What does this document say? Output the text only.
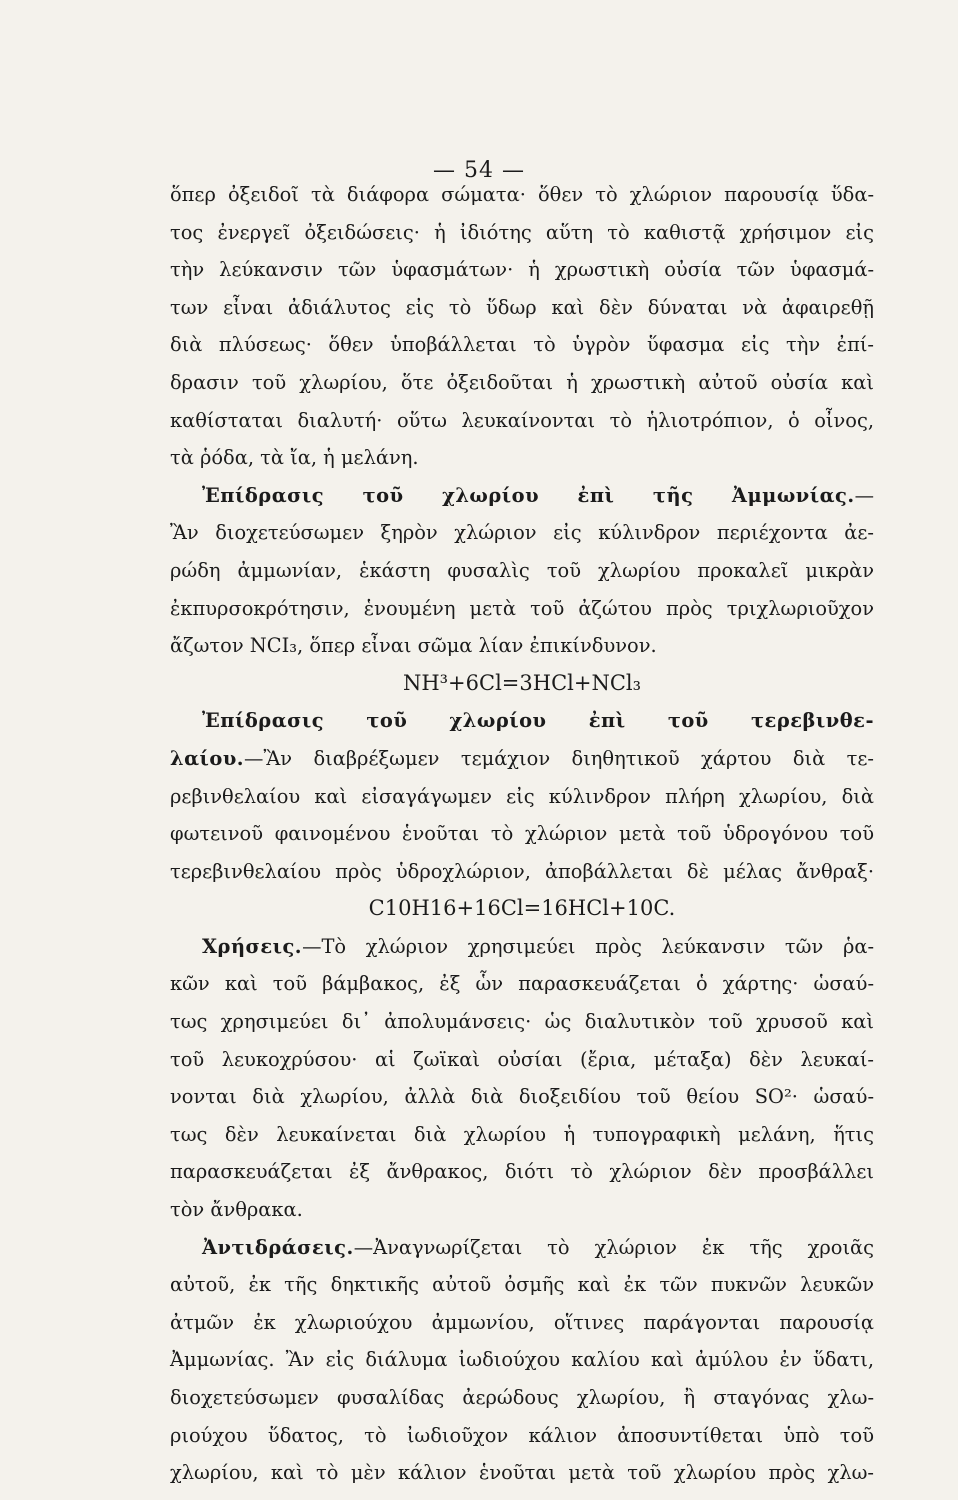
— 54 —
ὅπερ ὀξειδοῖ τὰ διάφορα σώματα· ὅθεν τὸ χλώριον παρουσίᾳ ὕδα-
τος ἐνεργεῖ ὀξειδώσεις· ἡ ἰδιότης αὕτη τὸ καθιστᾷ χρήσιμον εἰς
τὴν λεύκανσιν τῶν ὑφασμάτων· ἡ χρωστικὴ οὐσία τῶν ὑφασμά-
των εἶναι ἀδιάλυτος εἰς τὸ ὕδωρ καὶ δὲν δύναται νὰ ἀφαιρεθῇ
διὰ πλύσεως· ὅθεν ὑποβάλλεται τὸ ὑγρὸν ὕφασμα εἰς τὴν ἐπί-
δρασιν τοῦ χλωρίου, ὅτε ὀξειδοῦται ἡ χρωστικὴ αὐτοῦ οὐσία καὶ
καθίσταται διαλυτή· οὕτω λευκαίνονται τὸ ἡλιοτρόπιον, ὁ οἶνος,
τὰ ῥόδα, τὰ ἴα, ἡ μελάνη.
Ἐπίδρασις τοῦ χλωρίου ἐπὶ τῆς Ἀμμωνίας.—
Ἂν διοχετεύσωμεν ξηρὸν χλώριον εἰς κύλινδρον περιέχοντα ἀε-
ρώδη ἀμμωνίαν, ἑκάστη φυσαλὶς τοῦ χλωρίου προκαλεῖ μικρὰν
ἐκπυρσοκρότησιν, ἑνουμένη μετὰ τοῦ ἀζώτου πρὸς τριχλωριοῦχον
ἄζωτον NCI₃, ὅπερ εἶναι σῶμα λίαν ἐπικίνδυνον.
NH³+6Cl=3HCl+NCl₃
Ἐπίδρασις τοῦ χλωρίου ἐπὶ τοῦ τερεβινθε-
λαίου.—Ἂν διαβρέξωμεν τεμάχιον διηθητικοῦ χάρτου διὰ τε-
ρεβινθελαίου καὶ εἰσαγάγωμεν εἰς κύλινδρον πλήρη χλωρίου, διὰ
φωτεινοῦ φαινομένου ἑνοῦται τὸ χλώριον μετὰ τοῦ ὑδρογόνου τοῦ
τερεβινθελαίου πρὸς ὑδροχλώριον, ἀποβάλλεται δὲ μέλας ἄνθραξ·
C10H16+16Cl=16HCl+10C.
Χρήσεις.—Τὸ χλώριον χρησιμεύει πρὸς λεύκανσιν τῶν ῥα-
κῶν καὶ τοῦ βάμβακος, ἐξ ὧν παρασκευάζεται ὁ χάρτης· ὡσαύ-
τως χρησιμεύει δι᾽ ἀπολυμάνσεις· ὡς διαλυτικὸν τοῦ χρυσοῦ καὶ
τοῦ λευκοχρύσου· αἱ ζωϊκαὶ οὐσίαι (ἔρια, μέταξα) δὲν λευκαί-
νονται διὰ χλωρίου, ἀλλὰ διὰ διοξειδίου τοῦ θείου SO²· ὡσαύ-
τως δὲν λευκαίνεται διὰ χλωρίου ἡ τυπογραφικὴ μελάνη, ἥτις
παρασκευάζεται ἐξ ἄνθρακος, διότι τὸ χλώριον δὲν προσβάλλει
τὸν ἄνθρακα.
Ἀντιδράσεις.—Ἀναγνωρίζεται τὸ χλώριον ἐκ τῆς χροιᾶς
αὐτοῦ, ἐκ τῆς δηκτικῆς αὐτοῦ ὀσμῆς καὶ ἐκ τῶν πυκνῶν λευκῶν
ἀτμῶν ἐκ χλωριούχου ἀμμωνίου, οἵτινες παράγονται παρουσίᾳ
Ἀμμωνίας. Ἂν εἰς διάλυμα ἰωδιούχου καλίου καὶ ἀμύλου ἐν ὕδατι,
διοχετεύσωμεν φυσαλίδας ἀερώδους χλωρίου, ἢ σταγόνας χλω-
ριούχου ὕδατος, τὸ ἰωδιοῦχον κάλιον ἀποσυντίθεται ὑπὸ τοῦ
χλωρίου, καὶ τὸ μὲν κάλιον ἑνοῦται μετὰ τοῦ χλωρίου πρὸς χλω-
